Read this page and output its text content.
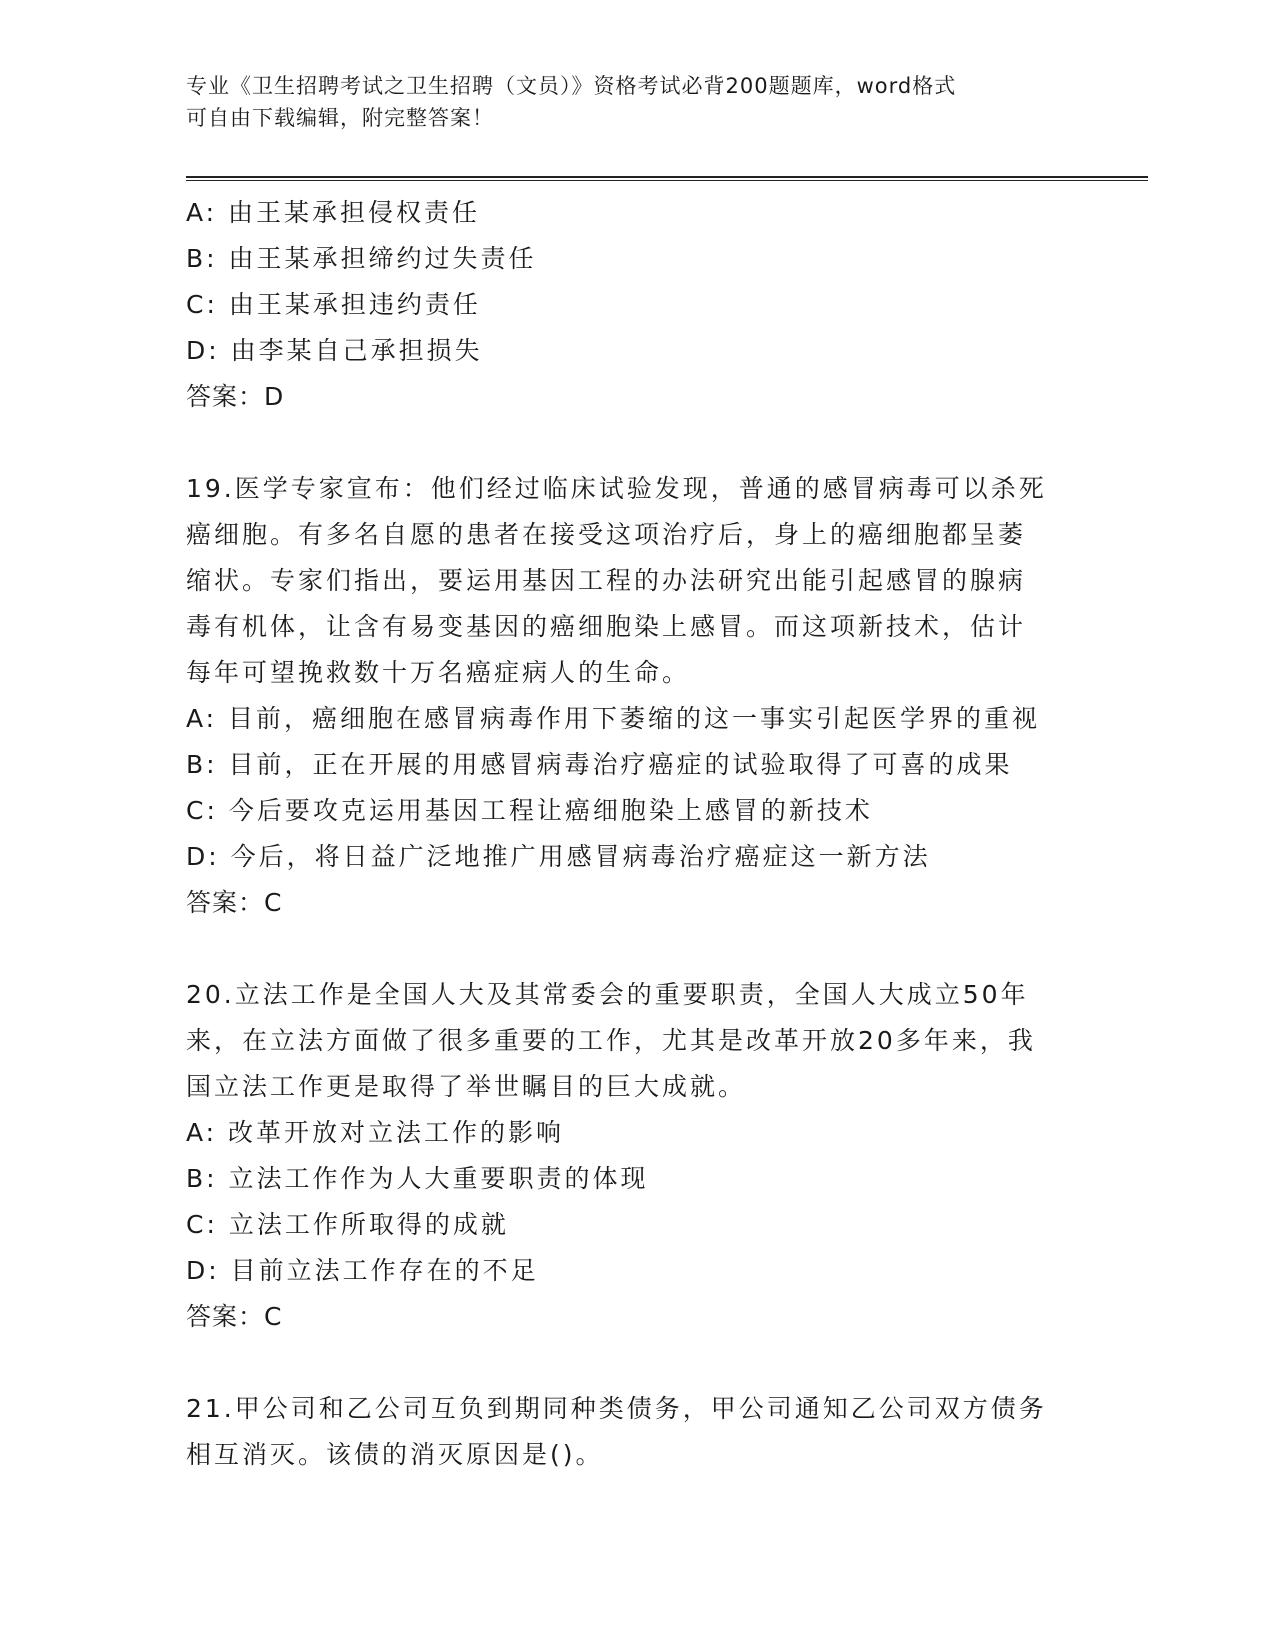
专业《卫生招聘考试之卫生招聘（文员）》资格考试必背200题题库，word格式
可自由下载编辑，附完整答案！
A: 由王某承担侵权责任
B: 由王某承担缔约过失责任
C: 由王某承担违约责任
D: 由李某自己承担损失
答案：D
19.医学专家宣布：他们经过临床试验发现，普通的感冒病毒可以杀死
癌细胞。有多名自愿的患者在接受这项治疗后，身上的癌细胞都呈萎
缩状。专家们指出，要运用基因工程的办法研究出能引起感冒的腺病
毒有机体，让含有易变基因的癌细胞染上感冒。而这项新技术，估计
每年可望挽救数十万名癌症病人的生命。
A: 目前，癌细胞在感冒病毒作用下萎缩的这一事实引起医学界的重视
B: 目前，正在开展的用感冒病毒治疗癌症的试验取得了可喜的成果
C: 今后要攻克运用基因工程让癌细胞染上感冒的新技术
D: 今后，将日益广泛地推广用感冒病毒治疗癌症这一新方法
答案：C
20.立法工作是全国人大及其常委会的重要职责，全国人大成立50年
来，在立法方面做了很多重要的工作，尤其是改革开放20多年来，我
国立法工作更是取得了举世瞩目的巨大成就。
A: 改革开放对立法工作的影响
B: 立法工作作为人大重要职责的体现
C: 立法工作所取得的成就
D: 目前立法工作存在的不足
答案：C
21.甲公司和乙公司互负到期同种类债务，甲公司通知乙公司双方债务
相互消灭。该债的消灭原因是()。
